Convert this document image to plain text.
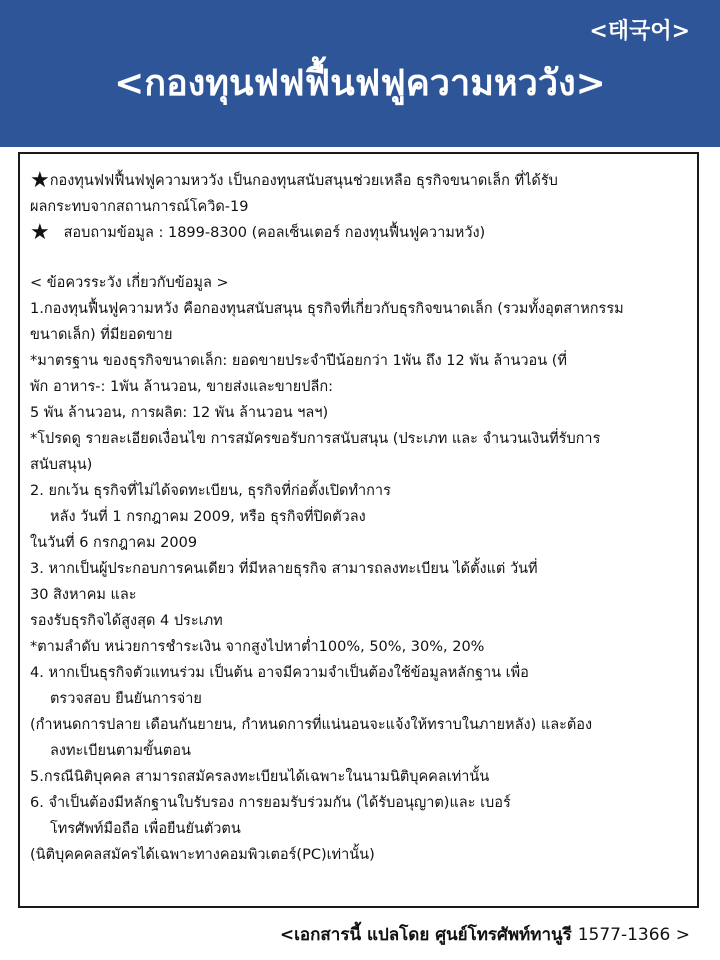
<태국어>
<กองทุนฟฟฟื้นฟฟูความหววัง>
★กองทุนฟฟฟื้นฟฟูความหววัง เป็นกองทุนสนับสนุนช่วยเหลือ ธุรกิจขนาดเล็ก ที่ได้รับ
ผลกระทบจากสถานการณ์โควิด-19
★ สอบถามข้อมูล : 1899-8300 (คอลเซ็นเตอร์ กองทุนฟื้นฟูความหวัง)
< ข้อควรระวัง เกี่ยวกับข้อมูล >
1.กองทุนฟื้นฟูความหวัง คือกองทุนสนับสนุน ธุรกิจที่เกี่ยวกับธุรกิจขนาดเล็ก (รวมทั้งอุตสาหกรรม
ขนาดเล็ก) ที่มียอดขาย
*มาตรฐาน ของธุรกิจขนาดเล็ก: ยอดขายประจำปีน้อยกว่า 1พัน ถึง 12 พัน ล้านวอน (ที่
พัก อาหาร-: 1พัน ล้านวอน, ขายส่งและขายปลีก:
5 พัน ล้านวอน, การผลิต: 12 พัน ล้านวอน ฯลฯ)
*โปรดดู รายละเอียดเงื่อนไข การสมัครขอรับการสนับสนุน (ประเภท และ จำนวนเงินที่รับการ
สนับสนุน)
2. ยกเว้น ธุรกิจที่ไม่ได้จดทะเบียน, ธุรกิจที่ก่อตั้งเปิดทำการ
หลัง วันที่ 1 กรกฎาคม 2009, หรือ ธุรกิจที่ปิดตัวลง
ในวันที่ 6 กรกฎาคม 2009
3. หากเป็นผู้ประกอบการคนเดียว ที่มีหลายธุรกิจ สามารถลงทะเบียน ได้ตั้งแต่ วันที่
30 สิงหาคม และ
รองรับธุรกิจได้สูงสุด 4 ประเภท
*ตามลำดับ หน่วยการชำระเงิน จากสูงไปหาต่ำ100%, 50%, 30%, 20%
4. หากเป็นธุรกิจตัวแทนร่วม เป็นต้น อาจมีความจำเป็นต้องใช้ข้อมูลหลักฐาน เพื่อ
ตรวจสอบ ยืนยันการจ่าย
(กำหนดการปลาย เดือนกันยายน, กำหนดการที่แน่นอนจะแจ้งให้ทราบในภายหลัง) และต้อง
ลงทะเบียนตามขั้นตอน
5.กรณีนิติบุคคล สามารถสมัครลงทะเบียนได้เฉพาะในนามนิติบุคคลเท่านั้น
6. จำเป็นต้องมีหลักฐานใบรับรอง การยอมรับร่วมกัน (ได้รับอนุญาต)และ เบอร์
โทรศัพท์มือถือ เพื่อยืนยันตัวตน
(นิติบุคคคลสมัครได้เฉพาะทางคอมพิวเตอร์(PC)เท่านั้น)
<เอกสารนี้ แปลโดย ศูนย์โทรศัพท์ทานูรี 1577-1366 >
